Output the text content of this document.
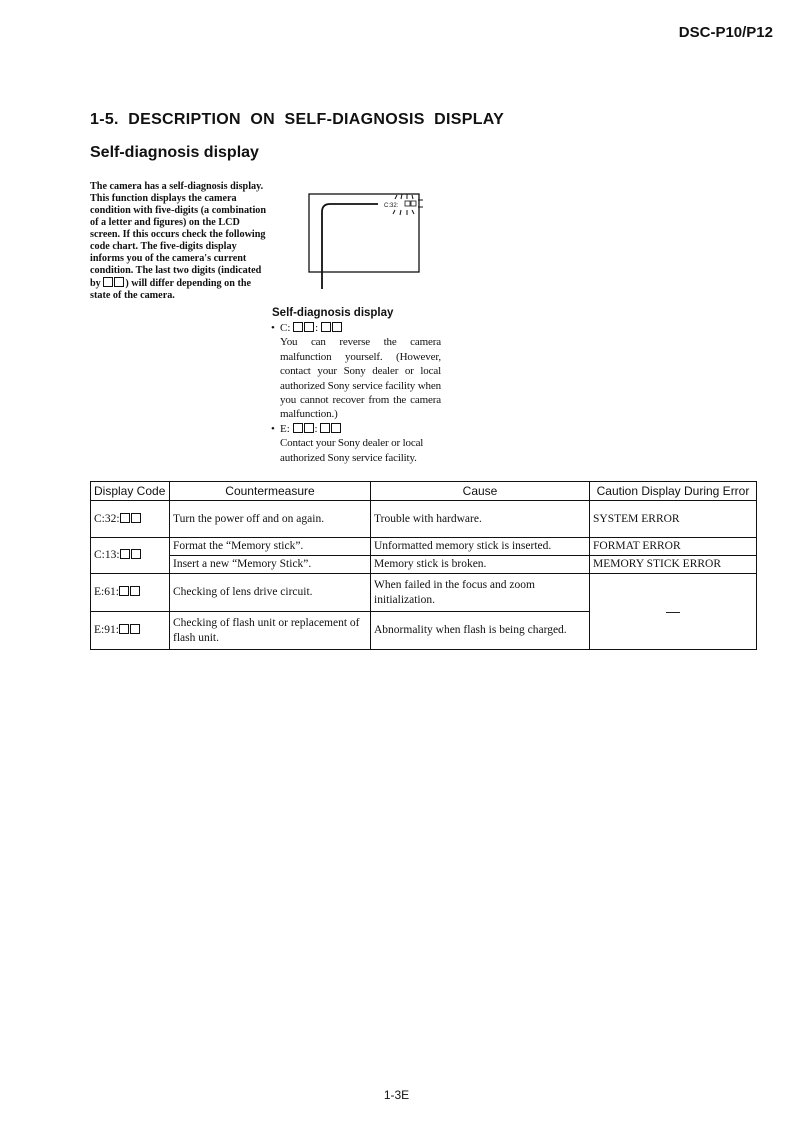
DSC-P10/P12
1-5.  DESCRIPTION  ON  SELF-DIAGNOSIS  DISPLAY
Self-diagnosis display
The camera has a self-diagnosis display. This function displays the camera condition with five-digits (a combination of a letter and figures) on the LCD screen. If this occurs check the following code chart. The five-digits display informs you of the camera's current condition. The last two digits (indicated by ) will differ depending on the state of the camera.
C:32:
Self-diagnosis display
• C: :
You can reverse the camera malfunction yourself. (However, contact your Sony dealer or local authorized Sony service facility when you cannot recover from the camera malfunction.)
• E: :
Contact your Sony dealer or local authorized Sony service facility.
Display Code	Countermeasure	Cause	Caution Display During Error
C:32:	Turn the power off and on again.	Trouble with hardware.	SYSTEM ERROR
C:13:	Format the “Memory stick”.	Unformatted memory stick is inserted.	FORMAT ERROR
	Insert a new “Memory Stick”.	Memory stick is broken.	MEMORY STICK ERROR
E:61:	Checking of lens drive circuit.	When failed in the focus and zoom initialization.	—
E:91:	Checking of flash unit or replacement of flash unit.	Abnormality when flash is being charged.	
1-3E
